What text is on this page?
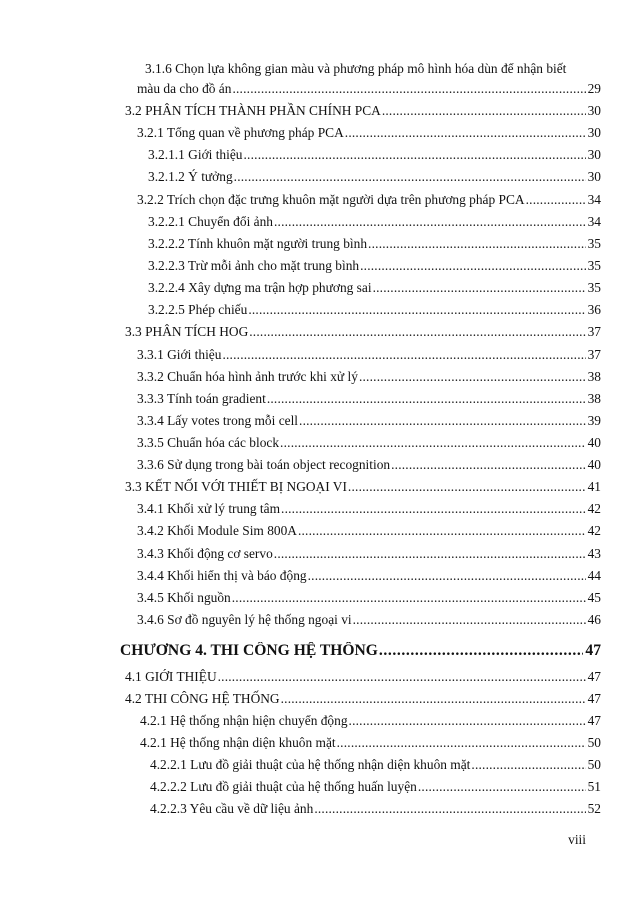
viii
3.1.6 Chọn lựa không gian màu và phương pháp mô hình hóa dùn để nhận biết
màu da cho đồ án .....	29
3.2 PHÂN TÍCH THÀNH PHẦN CHÍNH PCA .....	30
3.2.1 Tổng quan về phương pháp PCA .....	30
3.2.1.1 Giới thiệu .....	30
3.2.1.2 Ý tưởng .....	30
3.2.2 Trích chọn đặc trưng khuôn mặt người dựa trên phương pháp PCA .....	34
3.2.2.1 Chuyển đổi ảnh .....	34
3.2.2.2 Tính khuôn mặt người trung bình .....	35
3.2.2.3 Trừ mỗi ảnh cho mặt trung bình .....	35
3.2.2.4 Xây dựng ma trận hợp phương sai .....	35
3.2.2.5 Phép chiếu .....	36
3.3 PHÂN TÍCH HOG .....	37
3.3.1 Giới thiệu .....	37
3.3.2 Chuẩn hóa hình ảnh trước khi xử lý .....	38
3.3.3 Tính toán gradient .....	38
3.3.4 Lấy votes trong mỗi cell .....	39
3.3.5 Chuẩn hóa các block .....	40
3.3.6 Sử dụng trong bài toán object recognition .....	40
3.3 KẾT NỐI VỚI THIẾT BỊ NGOẠI VI .....	41
3.4.1 Khối xử lý trung tâm .....	42
3.4.2 Khối Module Sim 800A .....	42
3.4.3 Khối động cơ servo .....	43
3.4.4 Khối hiển thị và báo động .....	44
3.4.5 Khối nguồn .....	45
3.4.6 Sơ đồ nguyên lý hệ thống ngoại vi .....	46
CHƯƠNG 4. THI CÔNG HỆ THỐNG .....	47
4.1 GIỚI THIỆU .....	47
4.2 THI CÔNG HỆ THỐNG .....	47
4.2.1 Hệ thống nhận hiện chuyển động .....	47
4.2.1 Hệ thống nhận diện khuôn mặt .....	50
4.2.2.1 Lưu đồ giải thuật của hệ thống nhận diện khuôn mặt .....	50
4.2.2.2 Lưu đồ giải thuật của hệ thống huấn luyện .....	51
4.2.2.3 Yêu cầu về dữ liệu ảnh .....	52
